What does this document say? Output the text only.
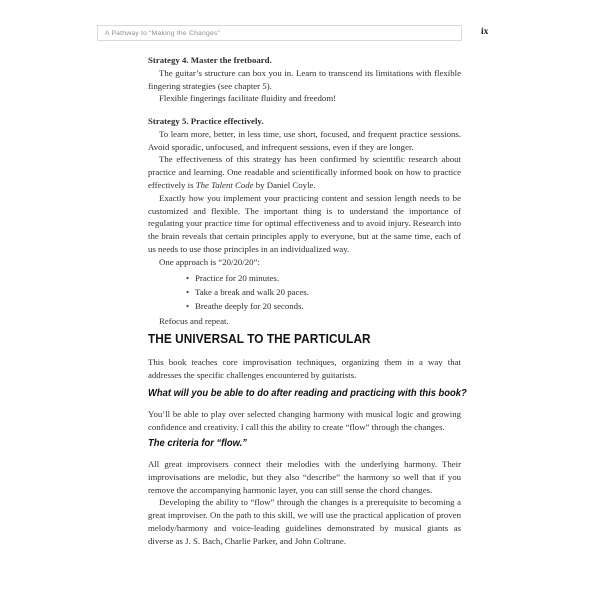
A Pathway to “Making the Changes”	ix

Strategy 4. Master the fretboard.

The guitar’s structure can box you in. Learn to transcend its limitations with flexible fingering strategies (see chapter 5).

Flexible fingerings facilitate fluidity and freedom!

Strategy 5. Practice effectively.

To learn more, better, in less time, use short, focused, and frequent practice sessions. Avoid sporadic, unfocused, and infrequent sessions, even if they are longer.

The effectiveness of this strategy has been confirmed by scientific research about practice and learning. One readable and scientifically informed book on how to practice effectively is The Talent Code by Daniel Coyle.

Exactly how you implement your practicing content and session length needs to be customized and flexible. The important thing is to understand the importance of regulating your practice time for optimal effectiveness and to avoid injury. Research into the brain reveals that certain principles apply to everyone, but at the same time, each of us needs to use those principles in an individualized way.

One approach is “20/20/20”:

• Practice for 20 minutes.
• Take a break and walk 20 paces.
• Breathe deeply for 20 seconds.

Refocus and repeat.

THE UNIVERSAL TO THE PARTICULAR

This book teaches core improvisation techniques, organizing them in a way that addresses the specific challenges encountered by guitarists.

What will you be able to do after reading and practicing with this book?

You’ll be able to play over selected changing harmony with musical logic and growing confidence and creativity. I call this the ability to create “flow” through the changes.

The criteria for “flow.”

All great improvisers connect their melodies with the underlying harmony. Their improvisations are melodic, but they also “describe” the harmony so well that if you remove the accompanying harmonic layer, you can still sense the chord changes.

Developing the ability to “flow” through the changes is a prerequisite to becoming a great improviser. On the path to this skill, we will use the practical application of proven melody/harmony and voice-leading guidelines demonstrated by musical giants as diverse as J. S. Bach, Charlie Parker, and John Coltrane.
